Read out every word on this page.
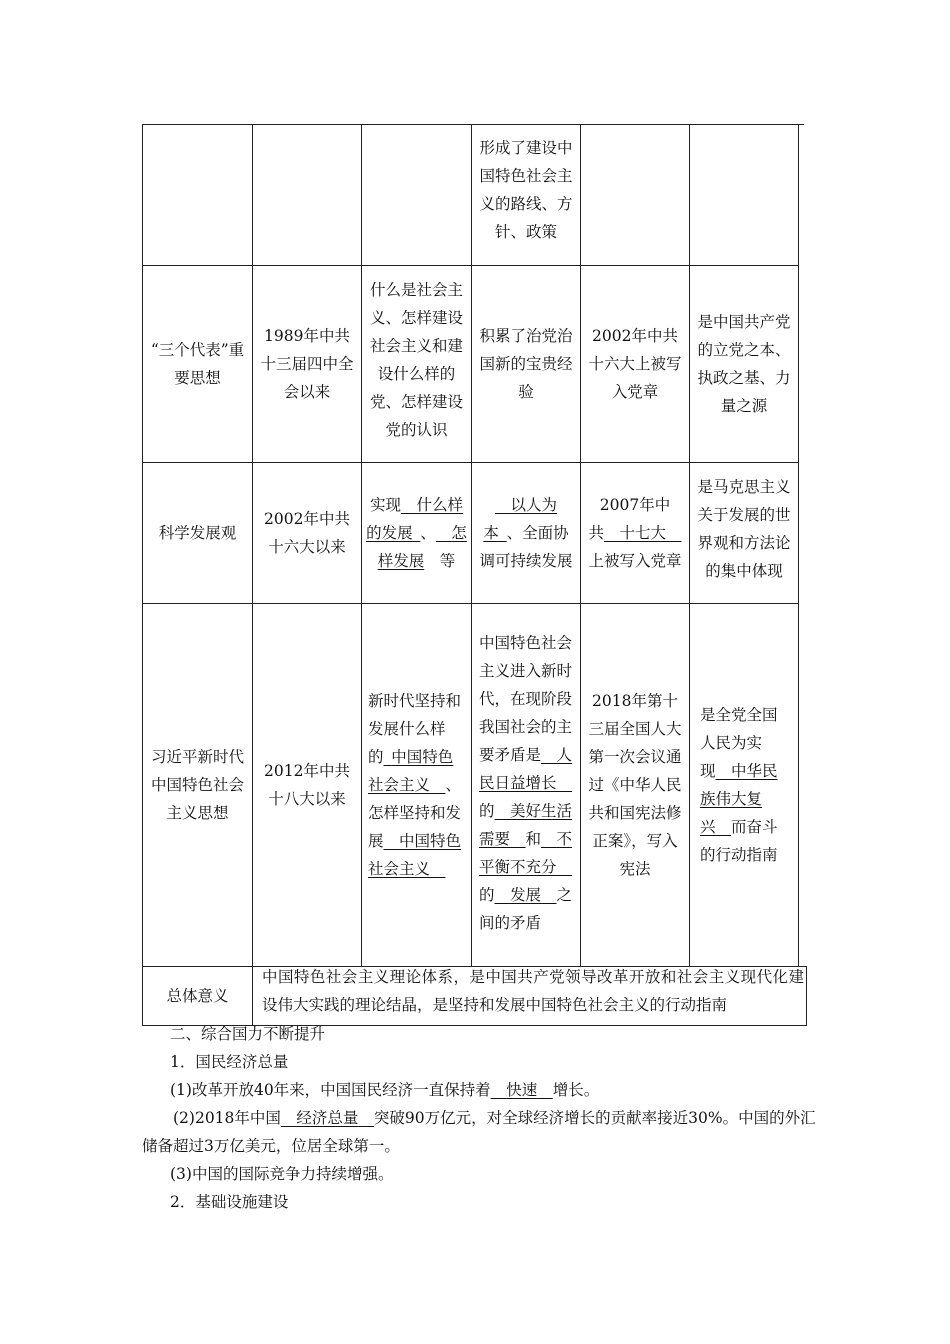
形成了建设中国特色社会主义的路线、方针、政策
“三个代表”重要思想
1989年中共十三届四中全会以来
什么是社会主义、怎样建设社会主义和建设什么样的党、怎样建设党的认识
积累了治党治国新的宝贵经验
2002年中共十六大上被写入党章
是中国共产党的立党之本、执政之基、力量之源
科学发展观
2002年中共十六大以来
实现  什么样的发展  、  怎样发展  等
 以人为本  、全面协调可持续发展
2007年中共  十七大 上被写入党章
是马克思主义关于发展的世界观和方法论的集中体现
习近平新时代中国特色社会主义思想
2012年中共十八大以来
新时代坚持和发展什么样的  中国特色社会主义  、怎样坚持和发展  中国特色社会主义 
中国特色社会主义进入新时代，在现阶段我国社会的主要矛盾是  人民日益增长 的  美好生活需要  和  不平衡不充分 的  发展  之间的矛盾
2018年第十三届全国人大第一次会议通过《中华人民共和国宪法修正案》，写入宪法
是全党全国人民为实现  中华民族伟大复兴  而奋斗的行动指南
总体意义
中国特色社会主义理论体系，是中国共产党领导改革开放和社会主义现代化建设伟大实践的理论结晶，是坚持和发展中国特色社会主义的行动指南
二、综合国力不断提升
1．国民经济总量
(1)改革开放40年来，中国国民经济一直保持着  快速  增长。
(2)2018年中国  经济总量  突破90万亿元，对全球经济增长的贡献率接近30%。中国的外汇储备超过3万亿美元，位居全球第一。
(3)中国的国际竞争力持续增强。
2．基础设施建设
